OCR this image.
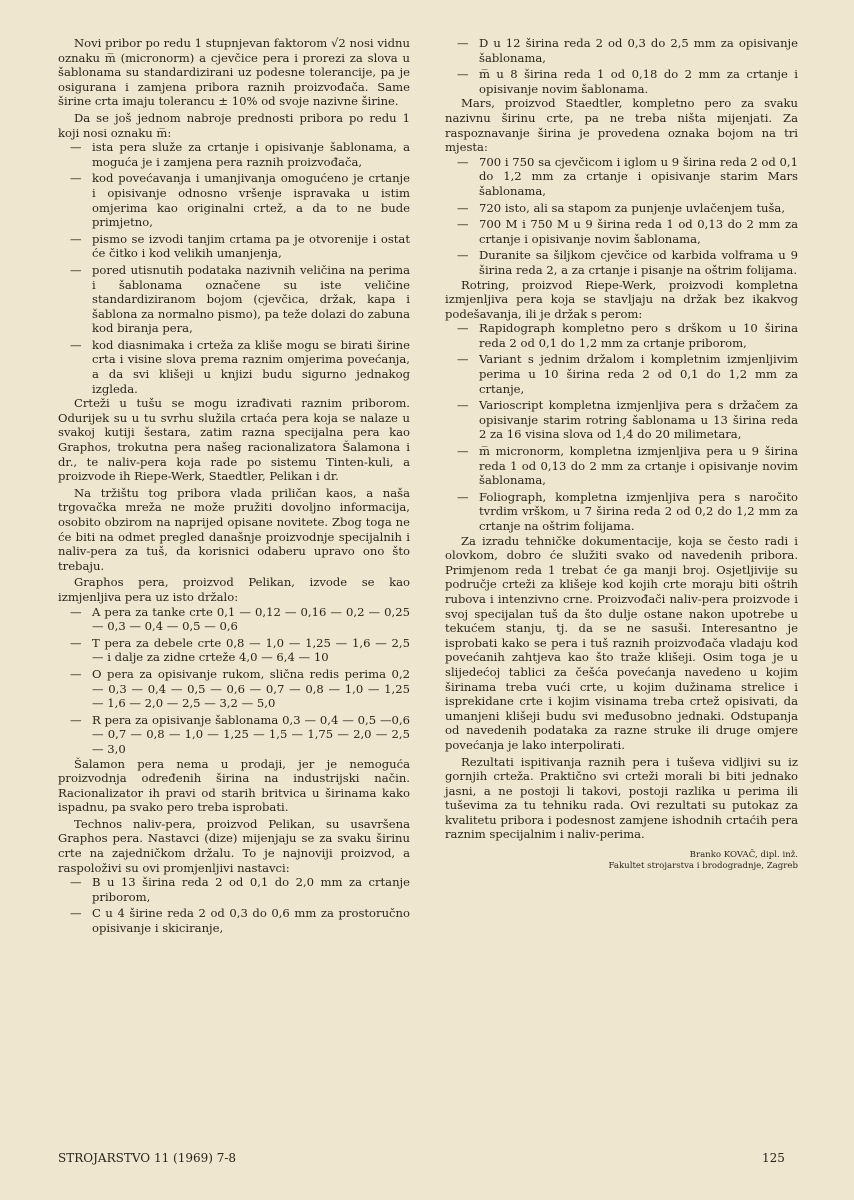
Novi pribor po redu 1 stupnjevan faktorom √2 nosi vidnu oznaku m̅ (micronorm) a cjevčice pera i prorezi za slova u šablonama su standardizirani uz podesne tolerancije, pa je osigurana i zamjena pribora raznih proizvođača. Same širine crta imaju tolerancu ± 10% od svoje nazivne širine.

Da se još jednom nabroje prednosti pribora po redu 1 koji nosi oznaku m̅:

— ista pera služe za crtanje i opisivanje šablonama, a moguća je i zamjena pera raznih proizvođača,
— kod povećavanja i umanjivanja omogućeno je crtanje i opisivanje odnosno vršenje ispravaka u istim omjerima kao originalni crtež, a da to ne bude primjetno,
— pismo se izvodi tanjim crtama pa je otvorenije i ostat će čitko i kod velikih umanjenja,
— pored utisnutih podataka nazivnih veličina na perima i šablonama označene su iste veličine standardiziranom bojom (cjevčica, držak, kapa i šablona za normalno pismo), pa teže dolazi do zabuna kod biranja pera,
— kod diasnimaka i crteža za kliše mogu se birati širine crta i visine slova prema raznim omjerima povećanja, a da svi klišeji u knjizi budu sigurno jednakog izgleda.

Crteži u tušu se mogu izrađivati raznim priborom. Odurijek su u tu svrhu služila crtaća pera koja se nalaze u svakoj kutiji šestara, zatim razna specijalna pera kao Graphos, trokutna pera našeg racionalizatora Šalamona i dr., te naliv-pera koja rade po sistemu Tinten-kuli, a proizvode ih Riepe-Werk, Staedtler, Pelikan i dr.

Na tržištu tog pribora vlada priličan kaos, a naša trgovačka mreža ne može pružiti dovoljno informacija, osobito obzirom na naprijed opisane novitete. Zbog toga ne će biti na odmet pregled današnje proizvodnje specijalnih i naliv-pera za tuš, da korisnici odaberu upravo ono što trebaju.

Graphos pera, proizvod Pelikan, izvode se kao izmjenljiva pera uz isto držalo:

— A pera za tanke crte 0,1 — 0,12 — 0,16 — 0,2 — 0,25 — 0,3 — 0,4 — 0,5 — 0,6
— T pera za debele crte 0,8 — 1,0 — 1,25 — 1,6 — 2,5 — i dalje za zidne crteže 4,0 — 6,4 — 10
— O pera za opisivanje rukom, slična redis perima 0,2 — 0,3 — 0,4 — 0,5 — 0,6 — 0,7 — 0,8 — 1,0 — 1,25 — 1,6 — 2,0 — 2,5 — 3,2 — 5,0
— R pera za opisivanje šablonama 0,3 — 0,4 — 0,5 —0,6 — 0,7 — 0,8 — 1,0 — 1,25 — 1,5 — 1,75 — 2,0 — 2,5 — 3,0

Šalamon pera nema u prodaji, jer je nemoguća proizvodnja određenih širina na industrijski način. Racionalizator ih pravi od starih britvica u širinama kako ispadnu, pa svako pero treba isprobati.

Technos naliv-pera, proizvod Pelikan, su usavršena Graphos pera. Nastavci (dize) mijenjaju se za svaku širinu crte na zajedničkom držalu. To je najnoviji proizvod, a raspoloživi su ovi promjenljivi nastavci:

— B u 13 širina reda 2 od 0,1 do 2,0 mm za crtanje priborom,
— C u 4 širine reda 2 od 0,3 do 0,6 mm za prostoručno opisivanje i skiciranje,
— D u 12 širina reda 2 od 0,3 do 2,5 mm za opisivanje šablonama,
— m̅ u 8 širina reda 1 od 0,18 do 2 mm za crtanje i opisivanje novim šablonama.

Mars, proizvod Staedtler, kompletno pero za svaku nazivnu širinu crte, pa ne treba ništa mijenjati. Za raspoznavanje širina je provedena oznaka bojom na tri mjesta:

— 700 i 750 sa cjevčicom i iglom u 9 širina reda 2 od 0,1 do 1,2 mm za crtanje i opisivanje starim Mars šablonama,
— 720 isto, ali sa stapom za punjenje uvlačenjem tuša,
— 700 M i 750 M u 9 širina reda 1 od 0,13 do 2 mm za crtanje i opisivanje novim šablonama,
— Duranite sa šiljkom cjevčice od karbida volframa u 9 širina reda 2, a za crtanje i pisanje na oštrim folijama.

Rotring, proizvod Riepe-Werk, proizvodi kompletna izmjenljiva pera koja se stavljaju na držak bez ikakvog podešavanja, ili je držak s perom:

— Rapidograph kompletno pero s drškom u 10 širina reda 2 od 0,1 do 1,2 mm za crtanje priborom,
— Variant s jednim držalom i kompletnim izmjenljivim perima u 10 širina reda 2 od 0,1 do 1,2 mm za crtanje,
— Varioscript kompletna izmjenljiva pera s držačem za opisivanje starim rotring šablonama u 13 širina reda 2 za 16 visina slova od 1,4 do 20 milimetara,
— m̅ micronorm, kompletna izmjenljiva pera u 9 širina reda 1 od 0,13 do 2 mm za crtanje i opisivanje novim šablonama,
— Foliograph, kompletna izmjenljiva pera s naročito tvrdim vrškom, u 7 širina reda 2 od 0,2 do 1,2 mm za crtanje na oštrim folijama.

Za izradu tehničke dokumentacije, koja se često radi i olovkom, dobro će služiti svako od navedenih pribora. Primjenom reda 1 trebat će ga manji broj. Osjetljivije su područje crteži za klišeje kod kojih crte moraju biti oštrih rubova i intenzivno crne. Proizvođači naliv-pera proizvode i svoj specijalan tuš da što dulje ostane nakon upotrebe u tekućem stanju, tj. da se ne sasuši. Interesantno je isprobati kako se pera i tuš raznih proizvođača vladaju kod povećanih zahtjeva kao što traže klišeji. Osim toga je u slijedećoj tablici za češća povećanja navedeno u kojim širinama treba vući crte, u kojim dužinama strelice i isprekidane crte i kojim visinama treba crtež opisivati, da umanjeni klišeji budu svi međusobno jednaki. Odstupanja od navedenih podataka za razne struke ili druge omjere povećanja je lako interpolirati.

Rezultati ispitivanja raznih pera i tuševa vidljivi su iz gornjih crteža. Praktično svi crteži morali bi biti jednako jasni, a ne postoji li takovi, postoji razlika u perima ili tuševima za tu tehniku rada. Ovi rezultati su putokaz za kvalitetu pribora i podesnost zamjene ishodnih crtaćih pera raznim specijalnim i naliv-perima.

Branko KOVAČ, dipl. inž.
Fakultet strojarstva i brodogradnje, Zagreb
STROJARSTVO 11 (1969) 7-8	125
